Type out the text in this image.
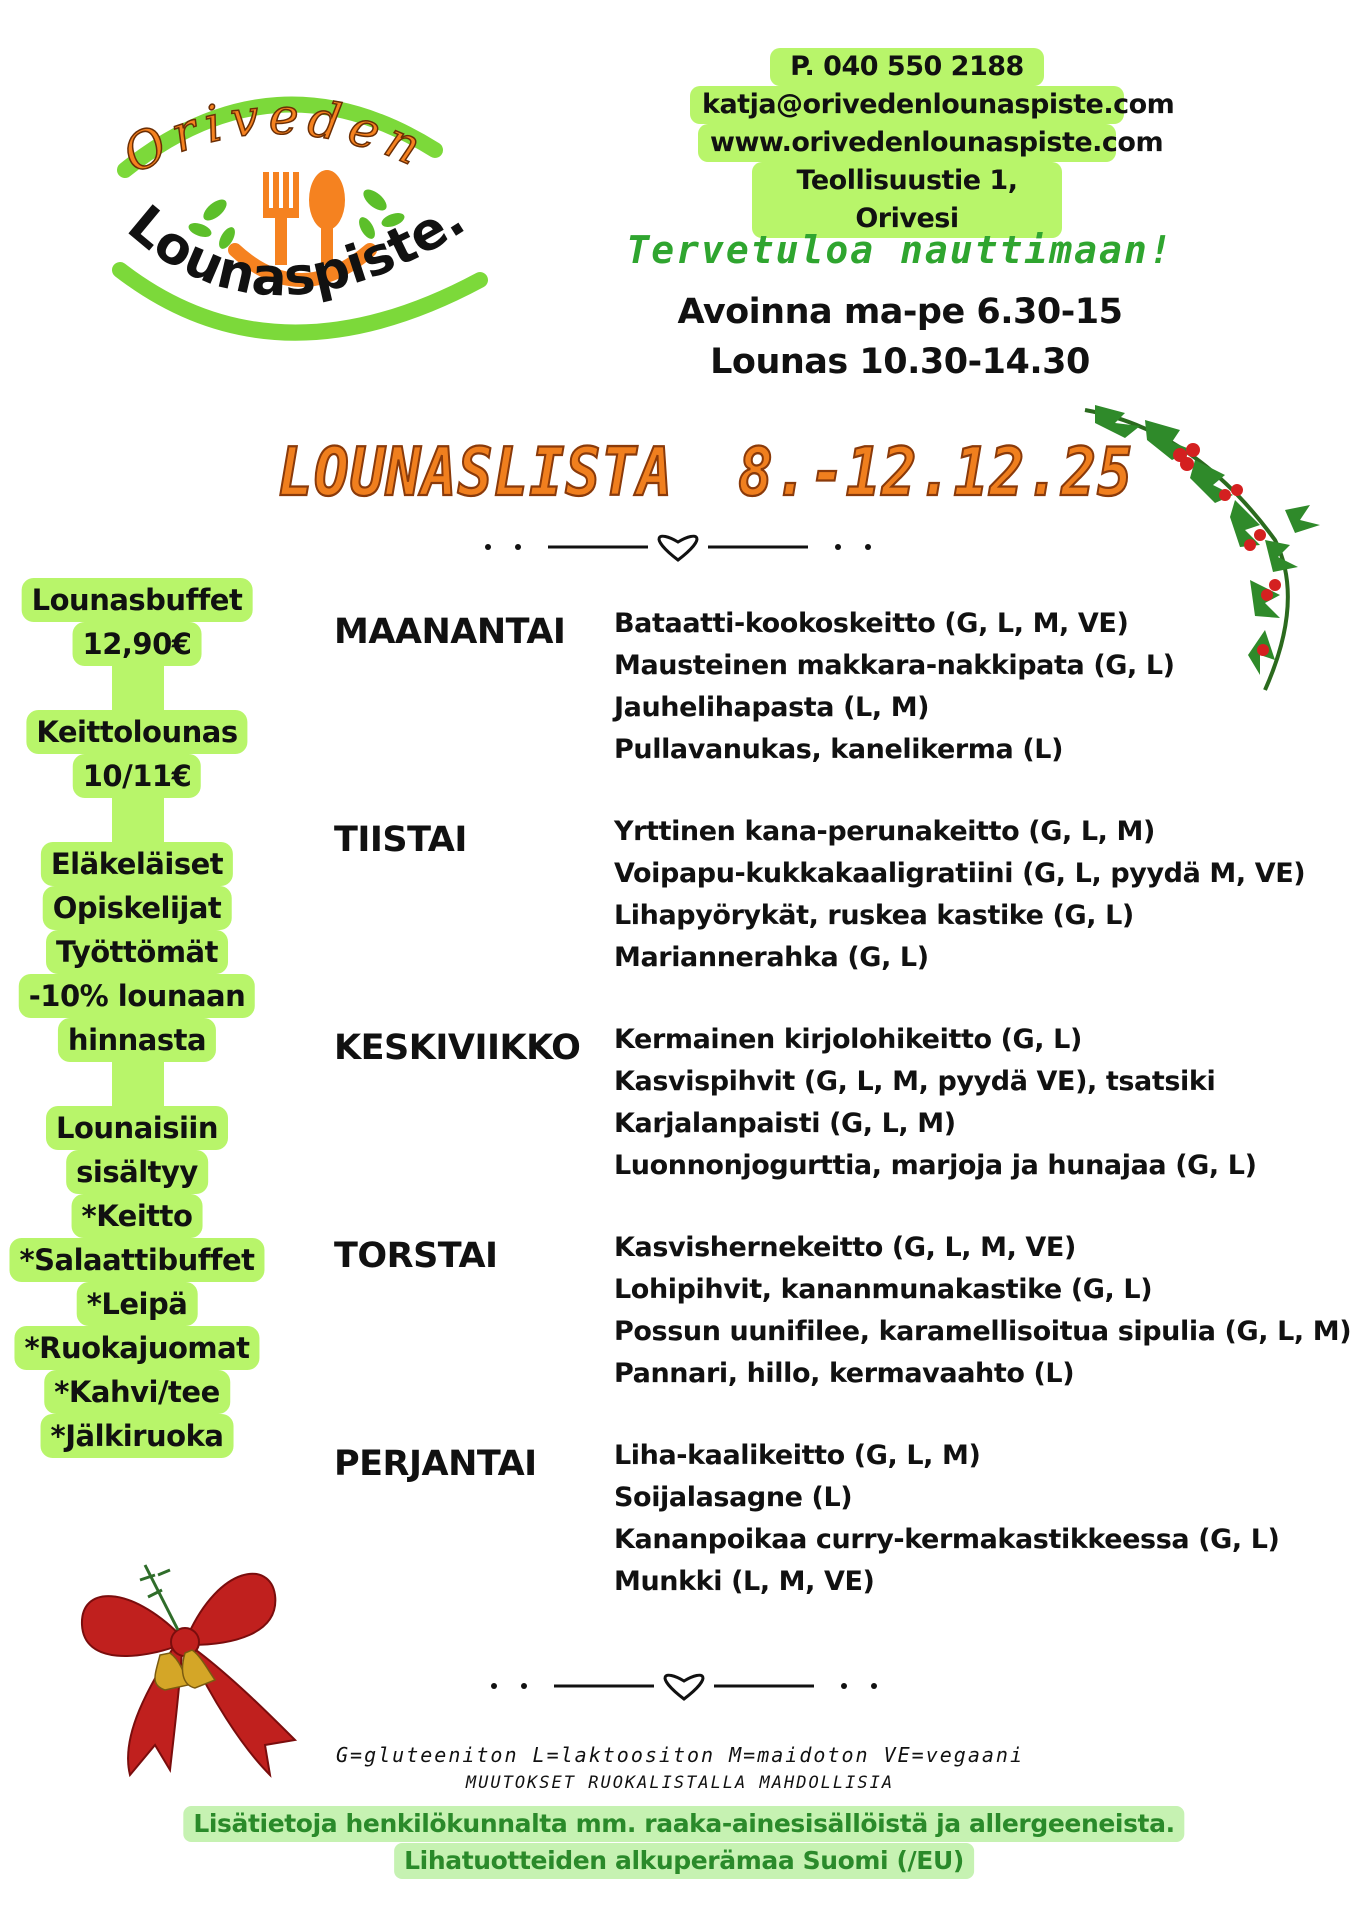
Oriveden
Lounaspiste.
P. 040 550 2188
katja@orivedenlounaspiste.com
www.orivedenlounaspiste.com
Teollisuustie 1, Orivesi
Tervetuloa nauttimaan!
Avoinna ma-pe 6.30-15
Lounas 10.30-14.30
LOUNASLISTA 8.-12.12.25
Lounasbuffet
12,90€
Keittolounas
10/11€
Eläkeläiset
Opiskelijat
Työttömät
-10% lounaan
hinnasta
Lounaisiin
sisältyy
*Keitto
*Salaattibuffet
*Leipä
*Ruokajuomat
*Kahvi/tee
*Jälkiruoka
MAANANTAI Bataatti-kookoskeitto (G, L, M, VE)
Mausteinen makkara-nakkipata (G, L)
Jauhelihapasta (L, M)
Pullavanukas, kanelikerma (L)
TIISTAI	Yrttinen kana-perunakeitto (G, L, M)
Voipapu-kukkakaaligratiini (G, L, pyydä M, VE)
Lihapyörykät, ruskea kastike (G, L)
Mariannerahka (G, L)
KESKIVIIKKO Kermainen kirjolohikeitto (G, L)
Kasvispihvit (G, L, M, pyydä VE), tsatsiki
Karjalanpaisti (G, L, M)
Luonnonjogurttia, marjoja ja hunajaa (G, L)
TORSTAI	Kasvishernekeitto (G, L, M, VE)
Lohipihvit, kananmunakastike (G, L)
Possun uunifilee, karamellisoitua sipulia (G, L, M)
Pannari, hillo, kermavaahto (L)
PERJANTAI	Liha-kaalikeitto (G, L, M)
Soijalasagne (L)
Kananpoikaa curry-kermakastikkeessa (G, L)
Munkki (L, M, VE)
G=gluteeniton L=laktoositon M=maidoton VE=vegaani
MUUTOKSET RUOKALISTALLA MAHDOLLISIA
Lisätietoja henkilökunnalta mm. raaka-ainesisällöistä ja allergeeneista.
Lihatuotteiden alkuperämaa Suomi (/EU)
